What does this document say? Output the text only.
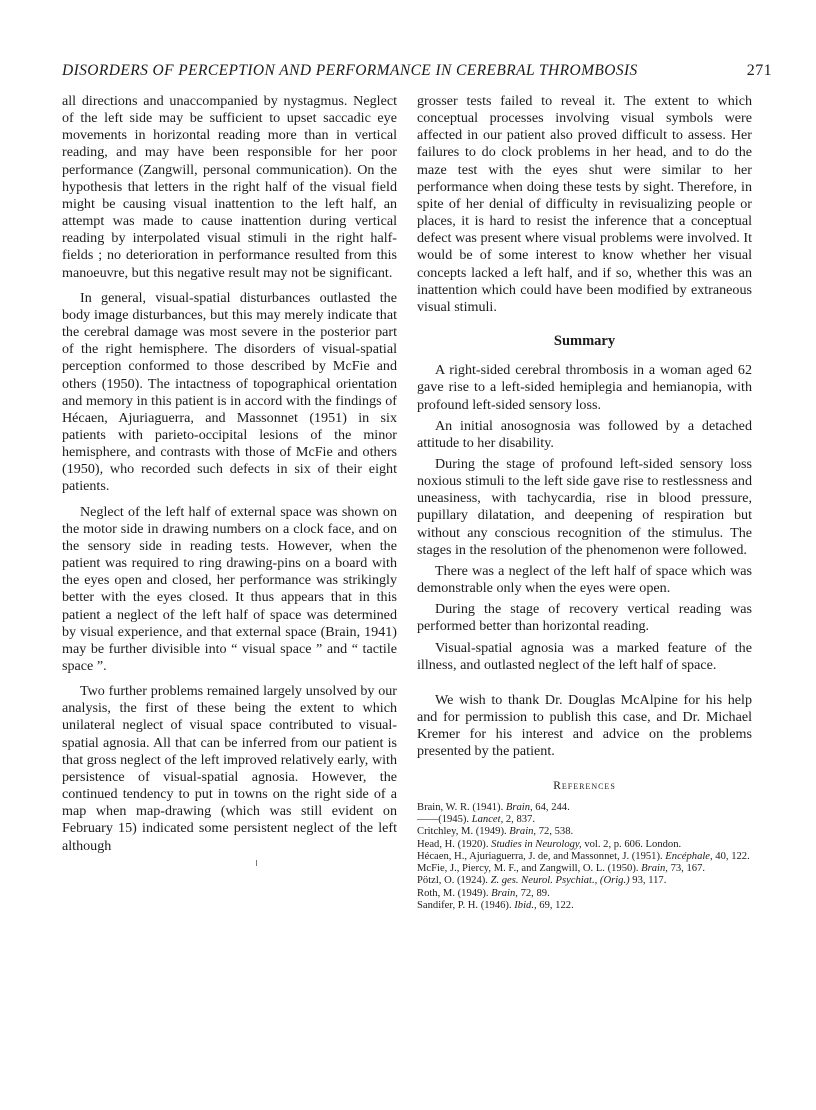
DISORDERS OF PERCEPTION AND PERFORMANCE IN CEREBRAL THROMBOSIS	271

all directions and unaccompanied by nystagmus. Neglect of the left side may be sufficient to upset saccadic eye movements in horizontal reading more than in vertical reading, and may have been responsible for her poor performance (Zangwill, personal communication). On the hypothesis that letters in the right half of the visual field might be causing visual inattention to the left half, an attempt was made to cause inattention during vertical reading by interpolated visual stimuli in the right half-fields ; no deterioration in performance resulted from this manoeuvre, but this negative result may not be significant.

In general, visual-spatial disturbances outlasted the body image disturbances, but this may merely indicate that the cerebral damage was most severe in the posterior part of the right hemisphere. The disorders of visual-spatial perception conformed to those described by McFie and others (1950). The intactness of topographical orientation and memory in this patient is in accord with the findings of Hécaen, Ajuriaguerra, and Massonnet (1951) in six patients with parieto-occipital lesions of the minor hemisphere, and contrasts with those of McFie and others (1950), who recorded such defects in six of their eight patients.

Neglect of the left half of external space was shown on the motor side in drawing numbers on a clock face, and on the sensory side in reading tests. However, when the patient was required to ring drawing-pins on a board with the eyes open and closed, her performance was strikingly better with the eyes closed. It thus appears that in this patient a neglect of the left half of space was determined by visual experience, and that external space (Brain, 1941) may be further divisible into “ visual space ” and “ tactile space ”.

Two further problems remained largely unsolved by our analysis, the first of these being the extent to which unilateral neglect of visual space contributed to visual-spatial agnosia. All that can be inferred from our patient is that gross neglect of the left improved relatively early, with persistence of visual-spatial agnosia. However, the continued tendency to put in towns on the right side of a map when map-drawing (which was still evident on February 15) indicated some persistent neglect of the left although

grosser tests failed to reveal it. The extent to which conceptual processes involving visual symbols were affected in our patient also proved difficult to assess. Her failures to do clock problems in her head, and to do the maze test with the eyes shut were similar to her performance when doing these tests by sight. Therefore, in spite of her denial of difficulty in revisualizing people or places, it is hard to resist the inference that a conceptual defect was present where visual problems were involved. It would be of some interest to know whether her visual concepts lacked a left half, and if so, whether this was an inattention which could have been modified by extraneous visual stimuli.

Summary

A right-sided cerebral thrombosis in a woman aged 62 gave rise to a left-sided hemiplegia and hemianopia, with profound left-sided sensory loss.

An initial anosognosia was followed by a detached attitude to her disability.

During the stage of profound left-sided sensory loss noxious stimuli to the left side gave rise to restlessness and uneasiness, with tachycardia, rise in blood pressure, pupillary dilatation, and deepening of respiration but without any conscious recognition of the stimulus. The stages in the resolution of the phenomenon were followed.

There was a neglect of the left half of space which was demonstrable only when the eyes were open.

During the stage of recovery vertical reading was performed better than horizontal reading.

Visual-spatial agnosia was a marked feature of the illness, and outlasted neglect of the left half of space.

We wish to thank Dr. Douglas McAlpine for his help and for permission to publish this case, and Dr. Michael Kremer for his interest and advice on the problems presented by the patient.

References

Brain, W. R. (1941). Brain, 64, 244.

——(1945). Lancet, 2, 837.

Critchley, M. (1949). Brain, 72, 538.

Head, H. (1920). Studies in Neurology, vol. 2, p. 606. London.

Hécaen, H., Ajuriaguerra, J. de, and Massonnet, J. (1951). Encéphale, 40, 122.

McFie, J., Piercy, M. F., and Zangwill, O. L. (1950). Brain, 73, 167.

Pötzl, O. (1924). Z. ges. Neurol. Psychiat., (Orig.) 93, 117.

Roth, M. (1949). Brain, 72, 89.

Sandifer, P. H. (1946). Ibid., 69, 122.
